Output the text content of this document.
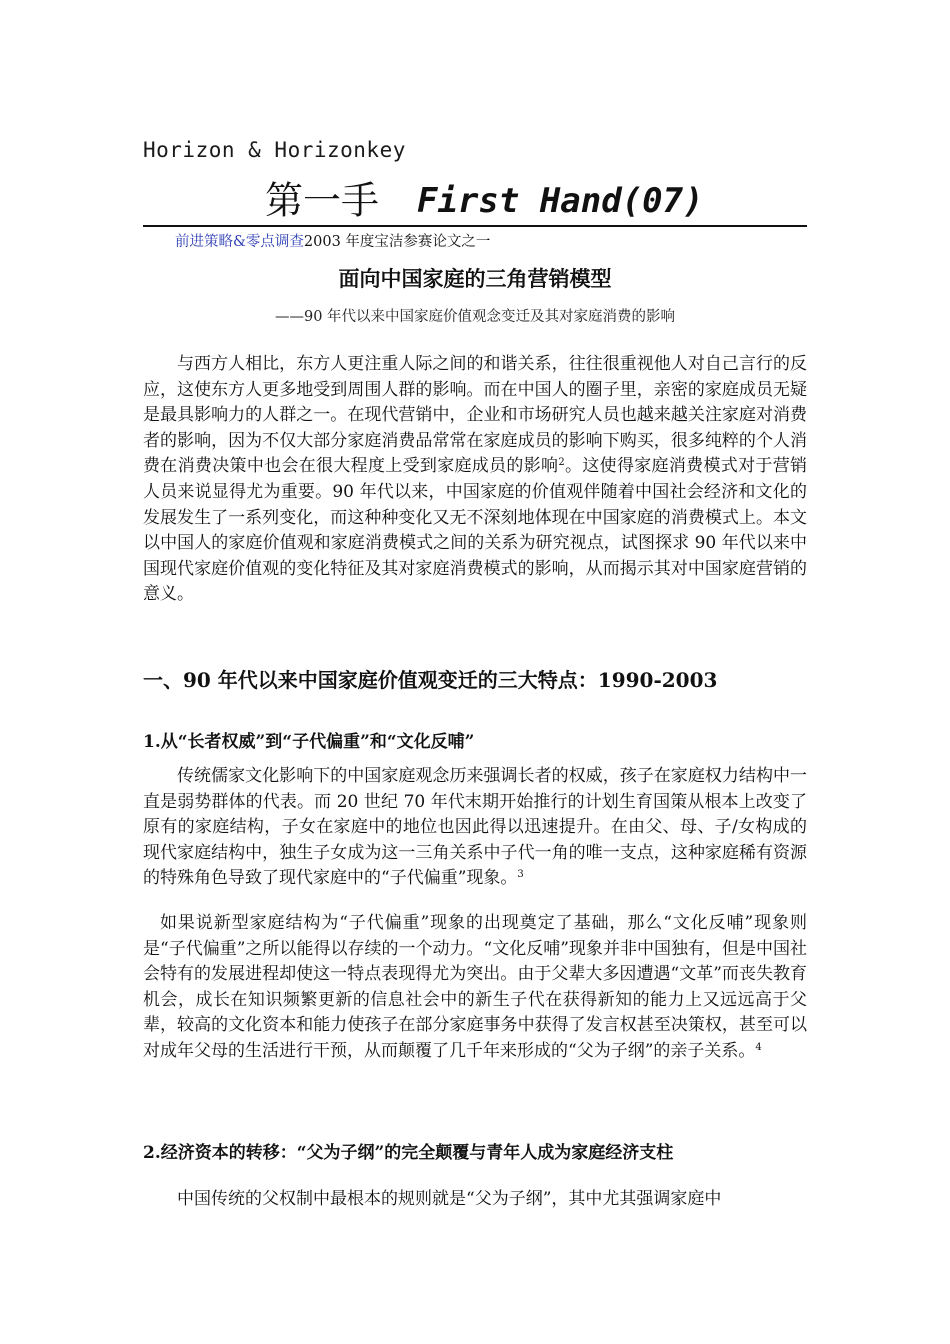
Horizon & Horizonkey
第一手 First Hand(07)
前进策略&零点调查2003 年度宝洁参赛论文之一
面向中国家庭的三角营销模型
——90 年代以来中国家庭价值观念变迁及其对家庭消费的影响

与西方人相比，东方人更注重人际之间的和谐关系，往往很重视他人对自己言行的反应，这使东方人更多地受到周围人群的影响。而在中国人的圈子里，亲密的家庭成员无疑是最具影响力的人群之一。在现代营销中，企业和市场研究人员也越来越关注家庭对消费者的影响，因为不仅大部分家庭消费品常常在家庭成员的影响下购买，很多纯粹的个人消费在消费决策中也会在很大程度上受到家庭成员的影响$^2$。这使得家庭消费模式对于营销人员来说显得尤为重要。90 年代以来，中国家庭的价值观伴随着中国社会经济和文化的发展发生了一系列变化，而这种种变化又无不深刻地体现在中国家庭的消费模式上。本文以中国人的家庭价值观和家庭消费模式之间的关系为研究视点，试图探求 90 年代以来中国现代家庭价值观的变化特征及其对家庭消费模式的影响，从而揭示其对中国家庭营销的意义。

一、90 年代以来中国家庭价值观变迁的三大特点：1990-2003
1.从“长者权威”到“子代偏重”和“文化反哺”

传统儒家文化影响下的中国家庭观念历来强调长者的权威，孩子在家庭权力结构中一直是弱势群体的代表。而 20 世纪 70 年代末期开始推行的计划生育国策从根本上改变了原有的家庭结构，子女在家庭中的地位也因此得以迅速提升。在由父、母、子/女构成的现代家庭结构中，独生子女成为这一三角关系中子代一角的唯一支点，这种家庭稀有资源的特殊角色导致了现代家庭中的“子代偏重”现象。$^3$

如果说新型家庭结构为“子代偏重”现象的出现奠定了基础，那么“文化反哺”现象则是“子代偏重”之所以能得以存续的一个动力。“文化反哺”现象并非中国独有，但是中国社会特有的发展进程却使这一特点表现得尤为突出。由于父辈大多因遭遇“文革”而丧失教育机会，成长在知识频繁更新的信息社会中的新生子代在获得新知的能力上又远远高于父辈，较高的文化资本和能力使孩子在部分家庭事务中获得了发言权甚至决策权，甚至可以对成年父母的生活进行干预，从而颠覆了几千年来形成的“父为子纲”的亲子关系。$^4$

2.经济资本的转移：“父为子纲”的完全颠覆与青年人成为家庭经济支柱

中国传统的父权制中最根本的规则就是“父为子纲”，其中尤其强调家庭中
